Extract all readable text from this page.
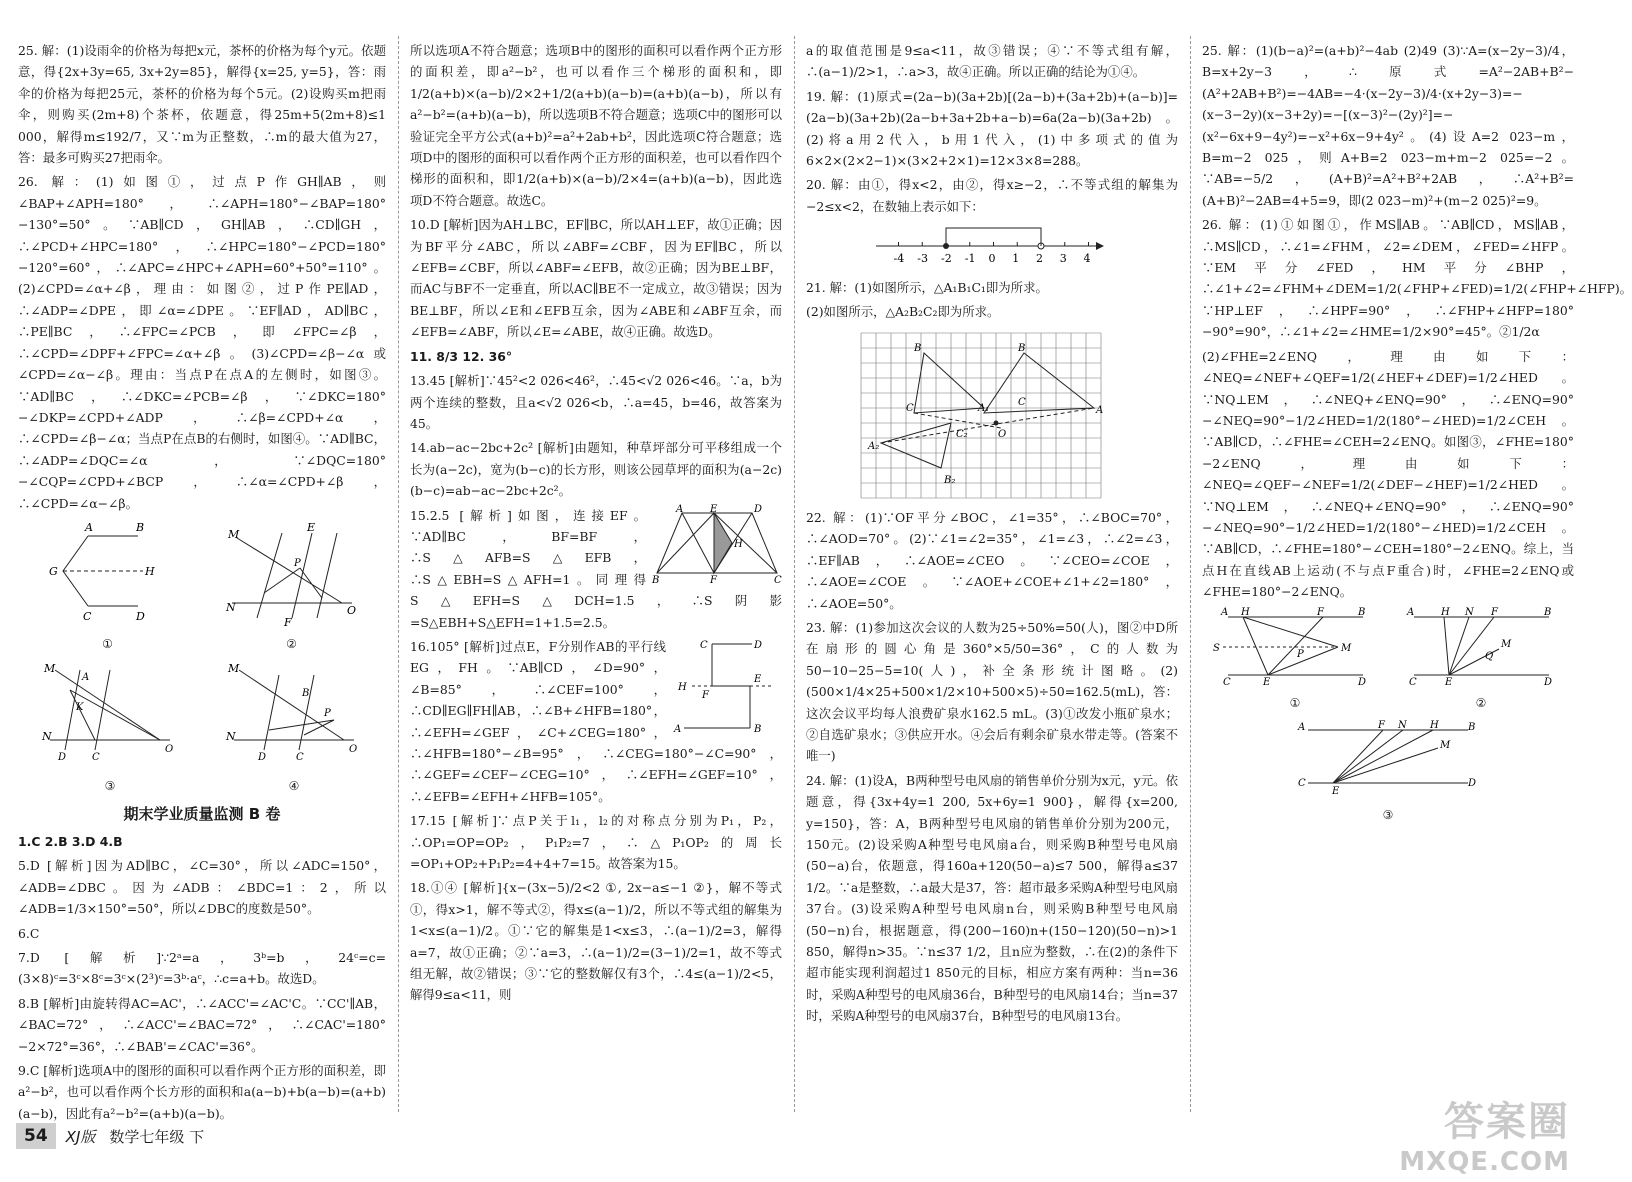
25. 解：(1)设雨伞的价格为每把x元，茶杯的价格为每个y元。依题意，得{2x+3y=65, 3x+2y=85}，解得{x=25, y=5}，答：雨伞的价格为每把25元，茶杯的价格为每个5元。(2)设购买m把雨伞，则购买(2m+8)个茶杯，依题意，得25m+5(2m+8)≤1 000，解得m≤192/7，又∵m为正整数，∴m的最大值为27，答：最多可购买27把雨伞。

26. 解：(1)如图①，过点P作GH∥AB，则∠BAP+∠APH=180°，∴∠APH=180°−∠BAP=180°−130°=50°。∵AB∥CD，GH∥AB，∴CD∥GH，∴∠PCD+∠HPC=180°，∴∠HPC=180°−∠PCD=180°−120°=60°，∴∠APC=∠HPC+∠APH=60°+50°=110°。(2)∠CPD=∠α+∠β，理由：如图②，过P作PE∥AD，∴∠ADP=∠DPE，即∠α=∠DPE。∵EF∥AD，AD∥BC，∴PE∥BC，∴∠FPC=∠PCB，即∠FPC=∠β，∴∠CPD=∠DPF+∠FPC=∠α+∠β。(3)∠CPD=∠β−∠α或∠CPD=∠α−∠β。理由：当点P在点A的左侧时，如图③。∵AD∥BC，∴∠DKC=∠PCB=∠β，∵∠DKC=180°−∠DKP=∠CPD+∠ADP，∴∠β=∠CPD+∠α，∴∠CPD=∠β−∠α；当点P在点B的右侧时，如图④。∵AD∥BC，∴∠ADP=∠DQC=∠α，∵∠DQC=180°−∠CQP=∠CPD+∠BCP，∴∠α=∠CPD+∠β，∴∠CPD=∠α−∠β。

A	B
G	H
C	D
①
M
E
P
N	O
F
②
M
A
K
N
D	C
O
③
M
B
P
N
D	C
O
④
期末学业质量监测 B 卷

1.C 2.B 3.D 4.B

5.D [解析]因为AD∥BC，∠C=30°，所以∠ADC=150°，∠ADB=∠DBC。因为∠ADB：∠BDC=1：2，所以∠ADB=1/3×150°=50°，所以∠DBC的度数是50°。

6.C

7.D [解析]∵2ᵃ=a，3ᵇ=b，24ᶜ=c=(3×8)ᶜ=3ᶜ×8ᶜ=3ᶜ×(2³)ᶜ=3ᵇ·aᶜ，∴c=a+b。故选D。

8.B [解析]由旋转得AC=AC'，∴∠ACC'=∠AC'C。∵CC'∥AB，∠BAC=72°，∴∠ACC'=∠BAC=72°，∴∠CAC'=180°−2×72°=36°，∴∠BAB'=∠CAC'=36°。

9.C [解析]选项A中的图形的面积可以看作两个正方形的面积差，即a²−b²，也可以看作两个长方形的面积和a(a−b)+b(a−b)=(a+b)(a−b)，因此有a²−b²=(a+b)(a−b)。

所以选项A不符合题意；选项B中的图形的面积可以看作两个正方形的面积差，即a²−b²，也可以看作三个梯形的面积和，即1/2(a+b)×(a−b)/2×2+1/2(a+b)(a−b)=(a+b)(a−b)，所以有a²−b²=(a+b)(a−b)，所以选项B不符合题意；选项C中的图形可以验证完全平方公式(a+b)²=a²+2ab+b²，因此选项C符合题意；选项D中的图形的面积可以看作两个正方形的面积差，也可以看作四个梯形的面积和，即1/2(a+b)×(a−b)/2×4=(a+b)(a−b)，因此选项D不符合题意。故选C。

10.D [解析]因为AH⊥BC，EF∥BC，所以AH⊥EF，故①正确；因为BF平分∠ABC，所以∠ABF=∠CBF，因为EF∥BC，所以∠EFB=∠CBF，所以∠ABF=∠EFB，故②正确；因为BE⊥BF，而AC与BF不一定垂直，所以AC∥BE不一定成立，故③错误；因为BE⊥BF，所以∠E和∠EFB互余，因为∠ABE和∠ABF互余，而∠EFB=∠ABF，所以∠E=∠ABE，故④正确。故选D。

11. 8/3 12. 36°

13.45 [解析]∵45²<2 026<46²，∴45<√2 026<46。∵a，b为两个连续的整数，且a<√2 026<b，∴a=45，b=46，故答案为45。

14.ab−ac−2bc+2c² [解析]由题知，种草坪部分可平移组成一个长为(a−2c)，宽为(b−c)的长方形，则该公园草坪的面积为(a−2c)(b−c)=ab−ac−2bc+2c²。

A	E	D
B	F	C
H

15.2.5 [解析]如图，连接EF。∵AD∥BC，BF=BF，∴S△AFB=S△EFB，∴S△EBH=S△AFH=1。同理得S△EFH=S△DCH=1.5，∴S阴影=S△EBH+S△EFH=1+1.5=2.5。

C	D
H
F
E
A	B

16.105° [解析]过点E，F分别作AB的平行线EG，FH。∵AB∥CD，∠D=90°，∠B=85°，∴∠CEF=100°，∴CD∥EG∥FH∥AB，∴∠B+∠HFB=180°，∴∠EFH=∠GEF，∠C+∠CEG=180°，∴∠HFB=180°−∠B=95°，∴∠CEG=180°−∠C=90°，∴∠GEF=∠CEF−∠CEG=10°，∴∠EFH=∠GEF=10°，∴∠EFB=∠EFH+∠HFB=105°。

17.15 [解析]∵点P关于l₁，l₂的对称点分别为P₁，P₂，∴OP₁=OP=OP₂，P₁P₂=7，∴△P₁OP₂的周长=OP₁+OP₂+P₁P₂=4+4+7=15。故答案为15。

18.①④ [解析]{x−(3x−5)/2<2 ①, 2x−a≤−1 ②}，解不等式①，得x>1，解不等式②，得x≤(a−1)/2，所以不等式组的解集为1<x≤(a−1)/2。①∵它的解集是1<x≤3，∴(a−1)/2=3，解得a=7，故①正确；②∵a=3，∴(a−1)/2=(3−1)/2=1，故不等式组无解，故②错误；③∵它的整数解仅有3个，∴4≤(a−1)/2<5，解得9≤a<11，则

a的取值范围是9≤a<11，故③错误；④∵不等式组有解，∴(a−1)/2>1，∴a>3，故④正确。所以正确的结论为①④。

19. 解：(1)原式=(2a−b)(3a+2b)[(2a−b)+(3a+2b)+(a−b)]=(2a−b)(3a+2b)(2a−b+3a+2b+a−b)=6a(2a−b)(3a+2b)。(2)将a用2代入，b用1代入，(1)中多项式的值为6×2×(2×2−1)×(3×2+2×1)=12×3×8=288。

20. 解：由①，得x<2，由②，得x≥−2，∴不等式组的解集为−2≤x<2，在数轴上表示如下：

-4 -3 -2 -1 0 1 2 3 4

21. 解：(1)如图所示，△A₁B₁C₁即为所求。

(2)如图所示，△A₂B₂C₂即为所求。

B	B
A
C	A₁
O
A₂
B₂
C₂
C

22. 解：(1)∵OF平分∠BOC，∠1=35°，∴∠BOC=70°，∴∠AOD=70°。(2)∵∠1=∠2=35°，∠1=∠3，∴∠2=∠3，∴EF∥AB，∴∠AOE=∠CEO。∵∠CEO=∠COE，∴∠AOE=∠COE。∵∠AOE+∠COE+∠1+∠2=180°，∴∠AOE=50°。

23. 解：(1)参加这次会议的人数为25÷50%=50(人)，图②中D所在扇形的圆心角是360°×5/50=36°，C的人数为50−10−25−5=10(人)，补全条形统计图略。(2)(500×1/4×25+500×1/2×10+500×5)÷50=162.5(mL)，答：这次会议平均每人浪费矿泉水162.5 mL。(3)①改发小瓶矿泉水；②自选矿泉水；③供应开水。④会后有剩余矿泉水带走等。(答案不唯一)

24. 解：(1)设A，B两种型号电风扇的销售单价分别为x元，y元。依题意，得{3x+4y=1 200, 5x+6y=1 900}，解得{x=200, y=150}，答：A，B两种型号电风扇的销售单价分别为200元，150元。(2)设采购A种型号电风扇a台，则采购B种型号电风扇(50−a)台，依题意，得160a+120(50−a)≤7 500，解得a≤37 1/2。∵a是整数，∴a最大是37，答：超市最多采购A种型号电风扇37台。(3)设采购A种型号电风扇n台，则采购B种型号电风扇(50−n)台，根据题意，得(200−160)n+(150−120)(50−n)>1 850，解得n>35。∵n≤37 1/2，且n应为整数，∴在(2)的条件下超市能实现利润超过1 850元的目标，相应方案有两种：当n=36时，采购A种型号的电风扇36台，B种型号的电风扇14台；当n=37时，采购A种型号的电风扇37台，B种型号的电风扇13台。

25. 解：(1)(b−a)²=(a+b)²−4ab (2)49 (3)∵A=(x−2y−3)/4，B=x+2y−3，∴原式=A²−2AB+B²−(A²+2AB+B²)=−4AB=−4·(x−2y−3)/4·(x+2y−3)=−(x−3−2y)(x−3+2y)=−[(x−3)²−(2y)²]=−(x²−6x+9−4y²)=−x²+6x−9+4y²。(4)设A=2 023−m，B=m−2 025，则A+B=2 023−m+m−2 025=−2。∵AB=−5/2，(A+B)²=A²+B²+2AB，∴A²+B²=(A+B)²−2AB=4+5=9，即(2 023−m)²+(m−2 025)²=9。

26. 解：(1)①如图①，作MS∥AB。∵AB∥CD，MS∥AB，∴MS∥CD，∴∠1=∠FHM，∠2=∠DEM，∠FED=∠HFP。∵EM平分∠FED，HM平分∠BHP，∴∠1+∠2=∠FHM+∠DEM=1/2(∠FHP+∠FED)=1/2(∠FHP+∠HFP)。∵HP⊥EF，∴∠HPF=90°，∴∠FHP+∠HFP=180°−90°=90°，∴∠1+∠2=∠HME=1/2×90°=45°。②1/2α

(2)∠FHE=2∠ENQ，理由如下：∠NEQ=∠NEF+∠QEF=1/2(∠HEF+∠DEF)=1/2∠HED。∵NQ⊥EM，∴∠NEQ+∠ENQ=90°，∴∠ENQ=90°−∠NEQ=90°−1/2∠HED=1/2(180°−∠HED)=1/2∠CEH。∵AB∥CD，∴∠FHE=∠CEH=2∠ENQ。如图③，∠FHE=180°−2∠ENQ，理由如下：∠NEQ=∠QEF−∠NEF=1/2(∠DEF−∠HEF)=1/2∠HED。∵NQ⊥EM，∴∠NEQ+∠ENQ=90°，∴∠ENQ=90°−∠NEQ=90°−1/2∠HED=1/2(180°−∠HED)=1/2∠CEH。∵AB∥CD，∴∠FHE=180°−∠CEH=180°−2∠ENQ。综上，当点H在直线AB上运动(不与点F重合)时，∠FHE=2∠ENQ或∠FHE=180°−2∠ENQ。

A H	F	B
S	M
C	E	D
P
①
A	H N F	B
M
Q
C	E	D
②
A	F N H	B
M
C
E
D
③
54	XJ版 数学七年级 下	答案圈
MXQE.COM
